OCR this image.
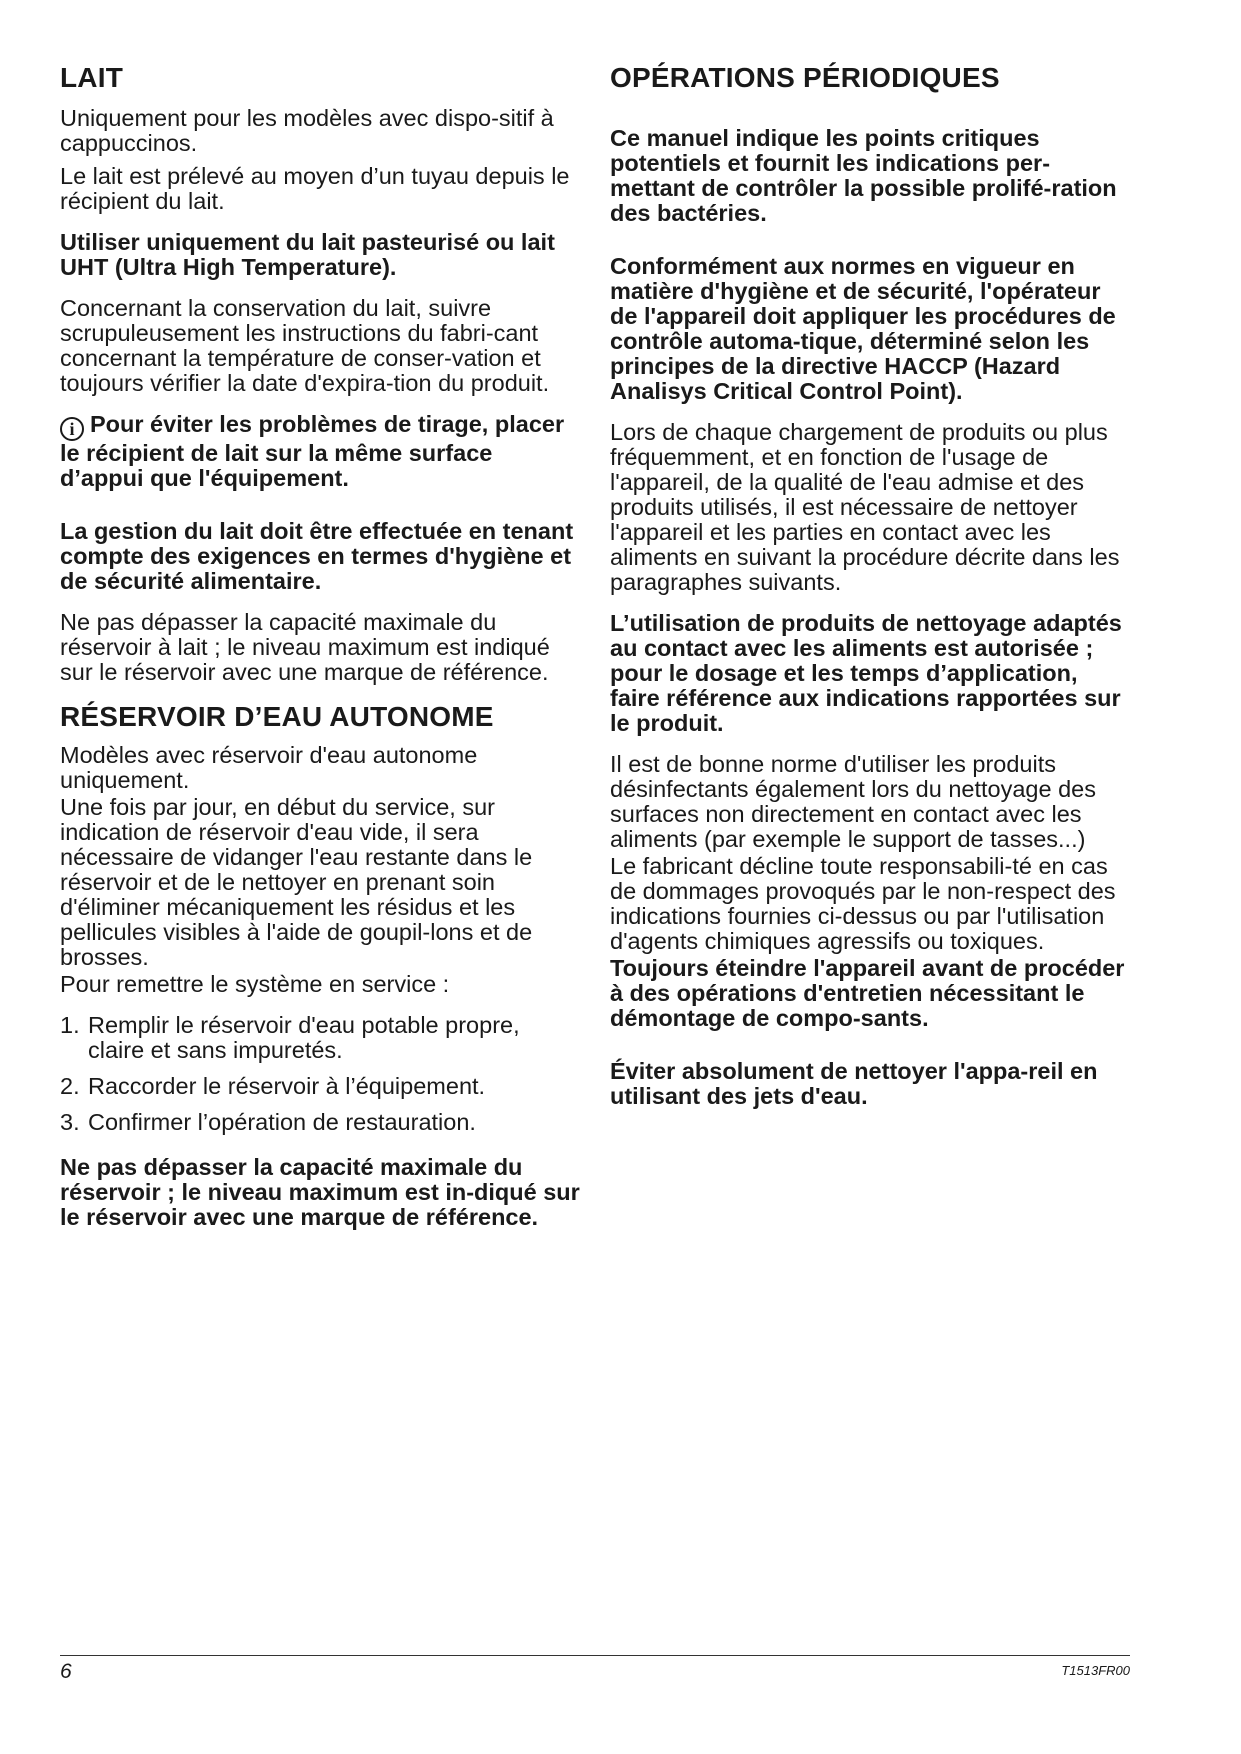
LAIT

Uniquement pour les modèles avec dispo-sitif à cappuccinos.

Le lait est prélevé au moyen d’un tuyau depuis le récipient du lait.

Utiliser uniquement du lait pasteurisé ou lait UHT (Ultra High Temperature).

Concernant la conservation du lait, suivre scrupuleusement les instructions du fabri-cant concernant la température de conser-vation et toujours vérifier la date d'expira-tion du produit.

i Pour éviter les problèmes de tirage, placer le récipient de lait sur la même surface d’appui que l'équipement.

La gestion du lait doit être effectuée en tenant compte des exigences en termes d'hygiène et de sécurité alimentaire.

Ne pas dépasser la capacité maximale du réservoir à lait ; le niveau maximum est indiqué sur le réservoir avec une marque de référence.

RÉSERVOIR D’EAU AUTONOME

Modèles avec réservoir d'eau autonome uniquement.

Une fois par jour, en début du service, sur indication de réservoir d'eau vide, il sera nécessaire de vidanger l'eau restante dans le réservoir et de le nettoyer en prenant soin d'éliminer mécaniquement les résidus et les pellicules visibles à l'aide de goupil-lons et de brosses.

Pour remettre le système en service :

1. Remplir le réservoir d'eau potable propre, claire et sans impuretés.
2. Raccorder le réservoir à l’équipement.
3. Confirmer l’opération de restauration.

Ne pas dépasser la capacité maximale du réservoir ; le niveau maximum est in-diqué sur le réservoir avec une marque de référence.

OPÉRATIONS PÉRIODIQUES

Ce manuel indique les points critiques potentiels et fournit les indications per-mettant de contrôler la possible prolifé-ration des bactéries.

Conformément aux normes en vigueur en matière d'hygiène et de sécurité, l'opérateur de l'appareil doit appliquer les procédures de contrôle automa-tique, déterminé selon les principes de la directive HACCP (Hazard Analisys Critical Control Point).

Lors de chaque chargement de produits ou plus fréquemment, et en fonction de l'usage de l'appareil, de la qualité de l'eau admise et des produits utilisés, il est nécessaire de nettoyer l'appareil et les parties en contact avec les aliments en suivant la procédure décrite dans les paragraphes suivants.

L’utilisation de produits de nettoyage adaptés au contact avec les aliments est autorisée ; pour le dosage et les temps d’application, faire référence aux indications rapportées sur le produit.

Il est de bonne norme d'utiliser les produits désinfectants également lors du nettoyage des surfaces non directement en contact avec les aliments (par exemple le support de tasses...)

Le fabricant décline toute responsabili-té en cas de dommages provoqués par le non-respect des indications fournies ci-dessus ou par l'utilisation d'agents chimiques agressifs ou toxiques.

Toujours éteindre l'appareil avant de procéder à des opérations d'entretien nécessitant le démontage de compo-sants.

Éviter absolument de nettoyer l'appa-reil en utilisant des jets d'eau.

6	T1513FR00
